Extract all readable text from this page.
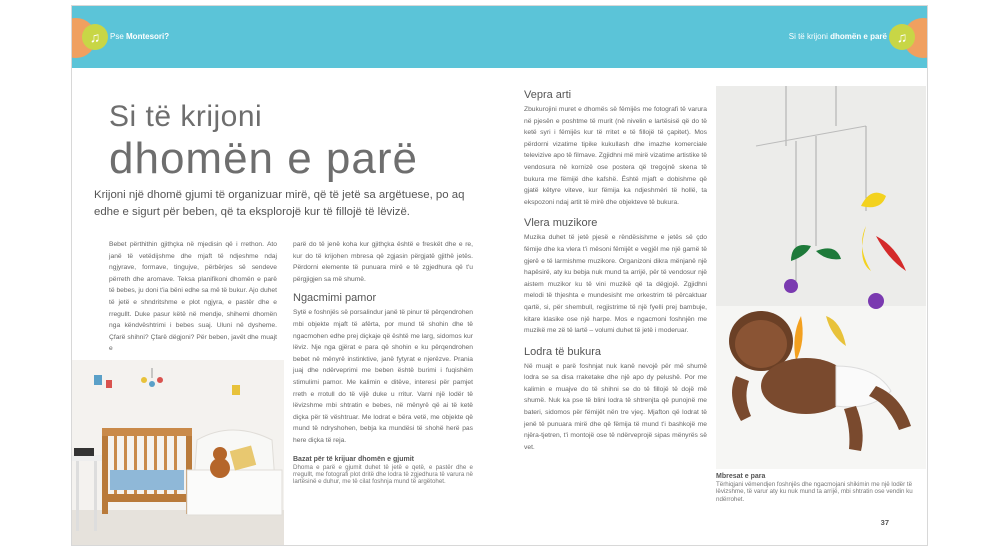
♫	♫
Pse Montesori?	Si të krijoni dhomën e parë
Si të krijoni
dhomën e parë
Krijoni një dhomë gjumi të organizuar mirë, që të jetë sa argëtuese, po aq edhe e sigurt për beben, që ta eksplorojë kur të fillojë të lëvizë.

Bebet përthithin gjithçka në mjedisin që i rrethon. Ato janë të vetëdijshme dhe mjaft të ndjeshme ndaj ngjyrave, formave, tingujve, përbërjes së sendeve përreth dhe aromave. Teksa planifikoni dhomën e parë të bebes, ju doni t'ia bëni edhe sa më të bukur. Ajo duhet të jetë e shndritshme e plot ngjyra, e pastër dhe e rregullt. Duke pasur këtë në mendje, shihemi dhomën nga këndvështrimi i bebes suaj. Uluni në dysheme. Çfarë shihni? Çfarë dëgjoni? Për beben, javët dhe muajt e

parë do të jenë koha kur gjithçka është e freskët dhe e re, kur do të krijohen mbresa që zgjasin përgjatë gjithë jetës. Përdorni elemente të punuara mirë e të zgjedhura që t'u përgjigjen sa më shumë.

Ngacmimi pamor

Sytë e foshnjës së porsalindur janë të pinur të përqendrohen mbi objekte mjaft të afërta, por mund të shohin dhe të ngacmohen edhe prej diçkaje që është me larg, sidomos kur lëviz. Nje nga gjërat e para që shohin e ku përqendrohen bebet në mënyrë instinktive, janë fytyrat e njerëzve. Prania juaj dhe ndërveprimi me beben është burimi i fuqishëm stimulimi pamor. Me kalimin e ditëve, interesi për pamjet rreth e rrotull do të vijë duke u rritur. Varni një lodër të lëvizshme mbi shtratin e bebes, në mënyrë që ai të ketë diçka për të vështruar. Me lodrat e bëra vetë, me objekte që mund të ndryshohen, bebja ka mundësi të shohë herë pas here diçka të reja.

Bazat për të krijuar dhomën e gjumit
Dhoma e parë e gjumit duhet të jetë e qetë, e pastër dhe e rregullt, me fotografi plot dritë dhe lodra të zgjedhura të varura në lartësinë e duhur, me të cilat foshnja mund të argëtohet.
Vepra arti

Zbukurojini muret e dhomës së fëmijës me fotografi të varura në pjesën e poshtme të murit (në nivelin e lartësisë që do të ketë syri i fëmijës kur të rritet e të fillojë të çapitet). Mos përdorni vizatime tipike kukullash dhe imazhe komerciale televizive apo të filmave. Zgjidhni më mirë vizatime artistike të vendosura në kornizë ose postera që tregojnë skena të bukura me fëmijë dhe kafshë. Është mjaft e dobishme që gjatë këtyre viteve, kur fëmija ka ndjeshmëri të hollë, ta ekspozoni ndaj artit të mirë dhe objekteve të bukura.

Vlera muzikore

Muzika duhet të jetë pjesë e rëndësishme e jetës së çdo fëmije dhe ka vlera t'i mësoni fëmijët e vegjël me një gamë të gjerë e të larmishme muzikore. Organizoni dikra mënjanë një hapësirë, aty ku bebja nuk mund ta arrijë, për të vendosur një aistem muzikor ku të vini muzikë që ta dëgjojë. Zgjidhni melodi të thjeshta e mundesisht me orkestrim të përcaktuar qartë, si, për shembull, regjistrime të një fyelli prej bambuje, kitare klasike ose një harpe. Mos e ngacmoni foshnjën me muzikë me zë të lartë – volumi duhet të jetë i moderuar.

Lodra të bukura

Në muajt e parë foshnjat nuk kanë nevojë për më shumë lodra se sa disa rraketake dhe një apo dy pelushë. Por me kalimin e muajve do të shihni se do të fillojë të dojë më shumë. Nuk ka pse të blini lodra të shtrenjta që punojnë me bateri, sidomos për fëmijët nën tre vjeç. Mjafton që lodrat të jenë të punuara mirë dhe që fëmija të mund t'i bashkojë me njëra-tjetren, t'i montojë ose të ndërveprojë sipas mënyrës së vet.

Mbresat e para
Tërhiqjani vëmendjen foshnjës dhe ngacmojani shikimin me një lodër të lëvizshme, të varur aty ku nuk mund ta arrijë, mbi shtratin ose vendin ku ndërrohet.
37
